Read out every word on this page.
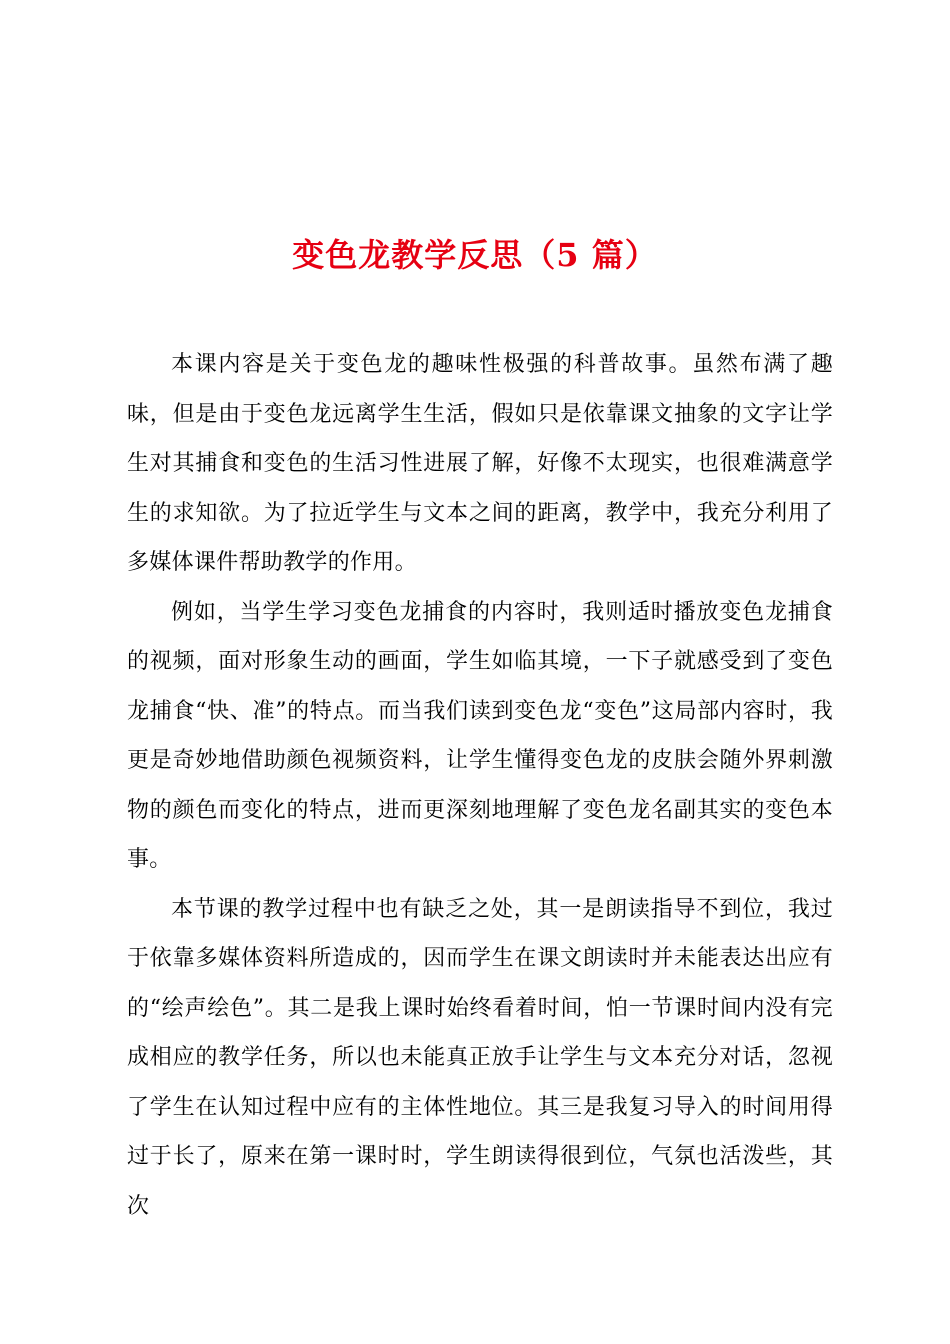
变色龙教学反思（5 篇）

本课内容是关于变色龙的趣味性极强的科普故事。虽然布满了趣味，但是由于变色龙远离学生生活，假如只是依靠课文抽象的文字让学生对其捕食和变色的生活习性进展了解，好像不太现实，也很难满意学生的求知欲。为了拉近学生与文本之间的距离，教学中，我充分利用了多媒体课件帮助教学的作用。

例如，当学生学习变色龙捕食的内容时，我则适时播放变色龙捕食的视频，面对形象生动的画面，学生如临其境，一下子就感受到了变色龙捕食“快、准”的特点。而当我们读到变色龙“变色”这局部内容时，我更是奇妙地借助颜色视频资料，让学生懂得变色龙的皮肤会随外界刺激物的颜色而变化的特点，进而更深刻地理解了变色龙名副其实的变色本事。

本节课的教学过程中也有缺乏之处，其一是朗读指导不到位，我过于依靠多媒体资料所造成的，因而学生在课文朗读时并未能表达出应有的“绘声绘色”。其二是我上课时始终看着时间，怕一节课时间内没有完成相应的教学任务，所以也未能真正放手让学生与文本充分对话，忽视了学生在认知过程中应有的主体性地位。其三是我复习导入的时间用得过于长了，原来在第一课时时，学生朗读得很到位，气氛也活泼些，其次
